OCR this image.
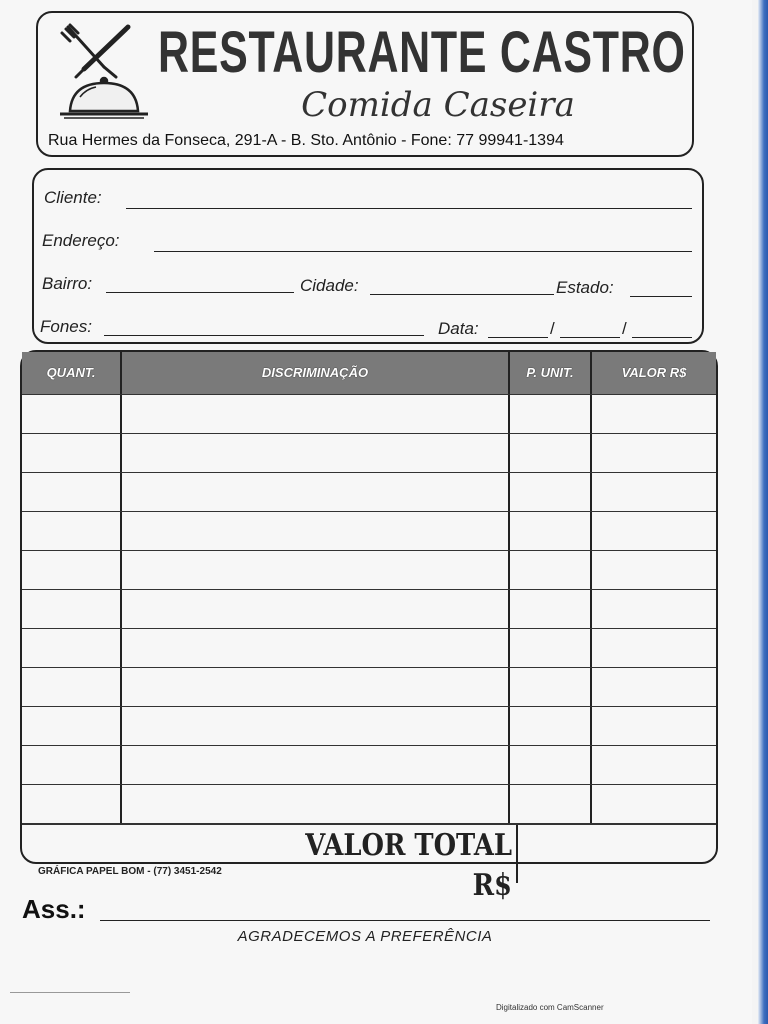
RESTAURANTE CASTRO
Comida Caseira
Rua Hermes da Fonseca, 291-A - B. Sto. Antônio - Fone: 77 99941-1394
Cliente:
Endereço:
Bairro:	Cidade:	Estado:
Fones:	Data:	/	/
QUANT.	DISCRIMINAÇÃO	P. UNIT.	VALOR R$
VALOR TOTAL R$
GRÁFICA PAPEL BOM - (77) 3451-2542
Ass.:
AGRADECEMOS A PREFERÊNCIA
Digitalizado com CamScanner
